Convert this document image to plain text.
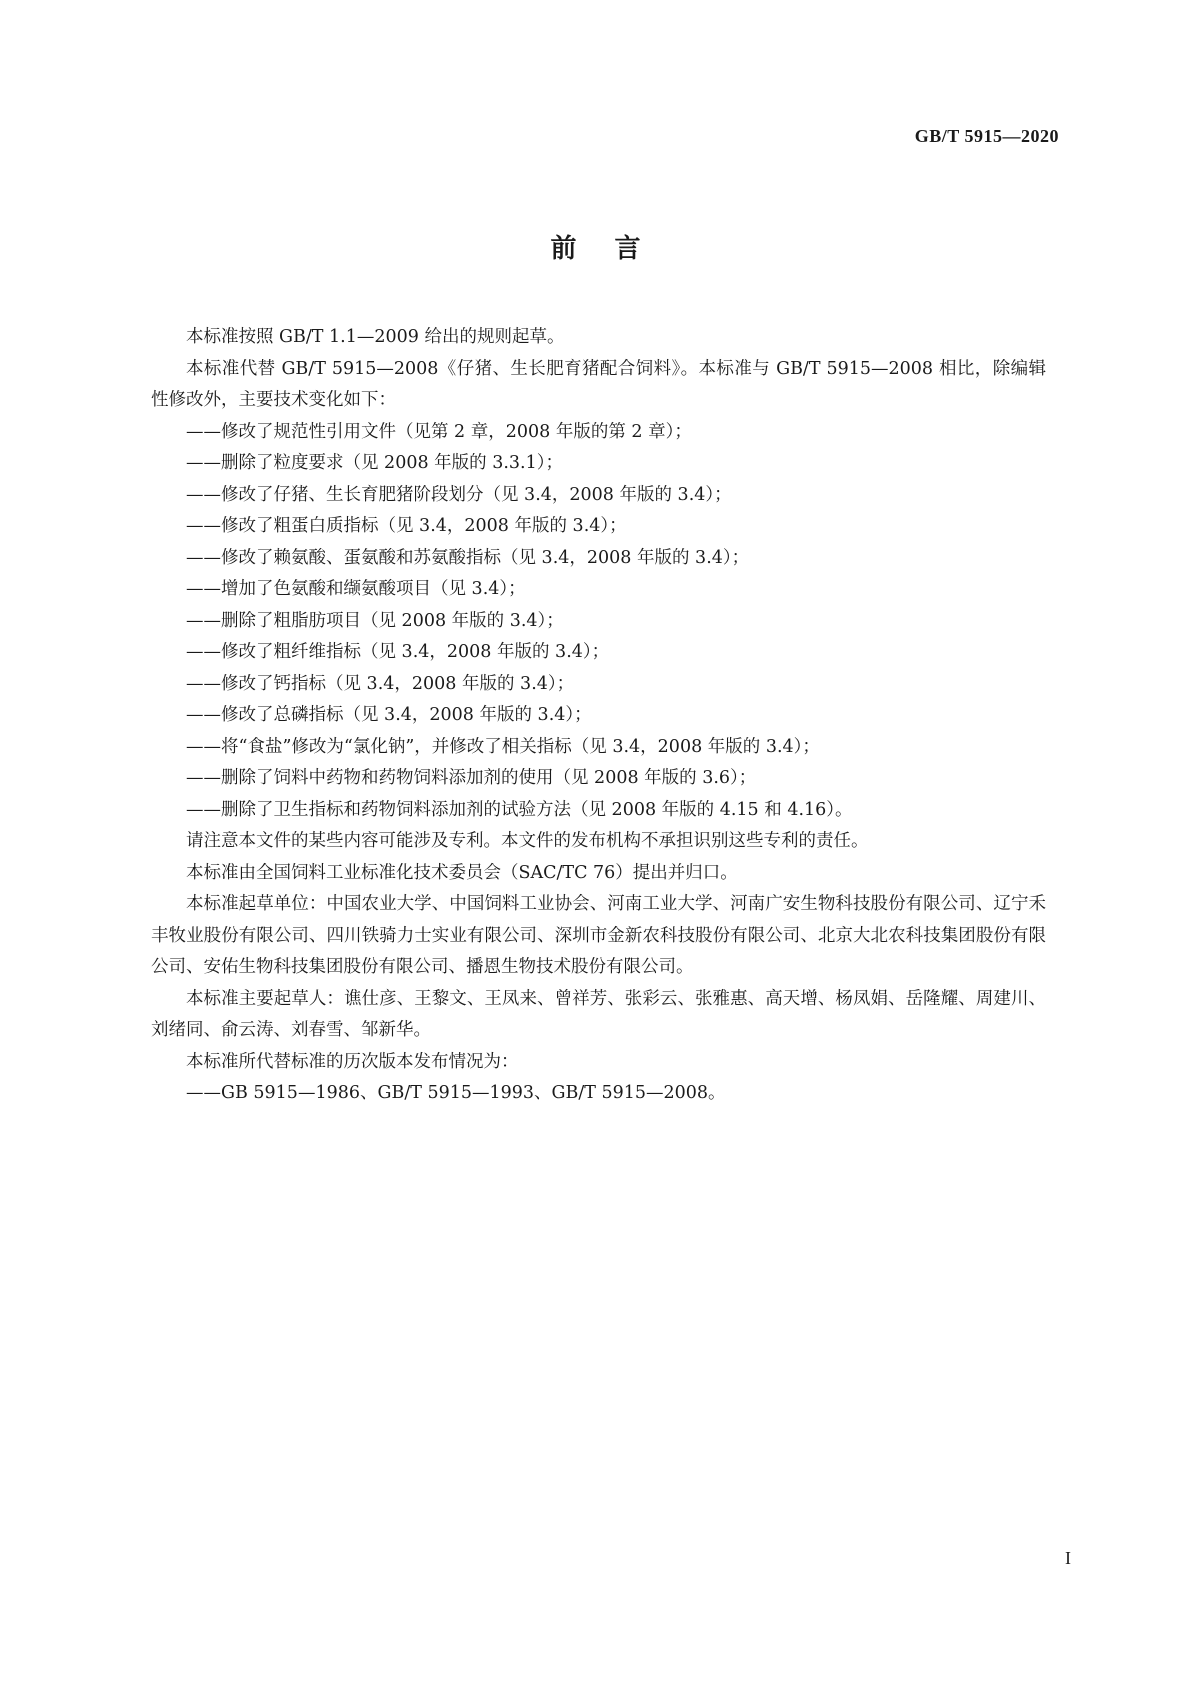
GB/T 5915—2020
前言

本标准按照 GB/T 1.1—2009 给出的规则起草。

本标准代替 GB/T 5915—2008《仔猪、生长肥育猪配合饲料》。本标准与 GB/T 5915—2008 相比，除编辑性修改外，主要技术变化如下：

——修改了规范性引用文件（见第 2 章，2008 年版的第 2 章）；
——删除了粒度要求（见 2008 年版的 3.3.1）；
——修改了仔猪、生长育肥猪阶段划分（见 3.4，2008 年版的 3.4）；
——修改了粗蛋白质指标（见 3.4，2008 年版的 3.4）；
——修改了赖氨酸、蛋氨酸和苏氨酸指标（见 3.4，2008 年版的 3.4）；
——增加了色氨酸和缬氨酸项目（见 3.4）；
——删除了粗脂肪项目（见 2008 年版的 3.4）；
——修改了粗纤维指标（见 3.4，2008 年版的 3.4）；
——修改了钙指标（见 3.4，2008 年版的 3.4）；
——修改了总磷指标（见 3.4，2008 年版的 3.4）；
——将“食盐”修改为“氯化钠”，并修改了相关指标（见 3.4，2008 年版的 3.4）；
——删除了饲料中药物和药物饲料添加剂的使用（见 2008 年版的 3.6）；
——删除了卫生指标和药物饲料添加剂的试验方法（见 2008 年版的 4.15 和 4.16）。

请注意本文件的某些内容可能涉及专利。本文件的发布机构不承担识别这些专利的责任。

本标准由全国饲料工业标准化技术委员会（SAC/TC 76）提出并归口。

本标准起草单位：中国农业大学、中国饲料工业协会、河南工业大学、河南广安生物科技股份有限公司、辽宁禾丰牧业股份有限公司、四川铁骑力士实业有限公司、深圳市金新农科技股份有限公司、北京大北农科技集团股份有限公司、安佑生物科技集团股份有限公司、播恩生物技术股份有限公司。

本标准主要起草人：谯仕彦、王黎文、王凤来、曾祥芳、张彩云、张雅惠、高天增、杨凤娟、岳隆耀、周建川、刘绪同、俞云涛、刘春雪、邹新华。

本标准所代替标准的历次版本发布情况为：

——GB 5915—1986、GB/T 5915—1993、GB/T 5915—2008。
I
